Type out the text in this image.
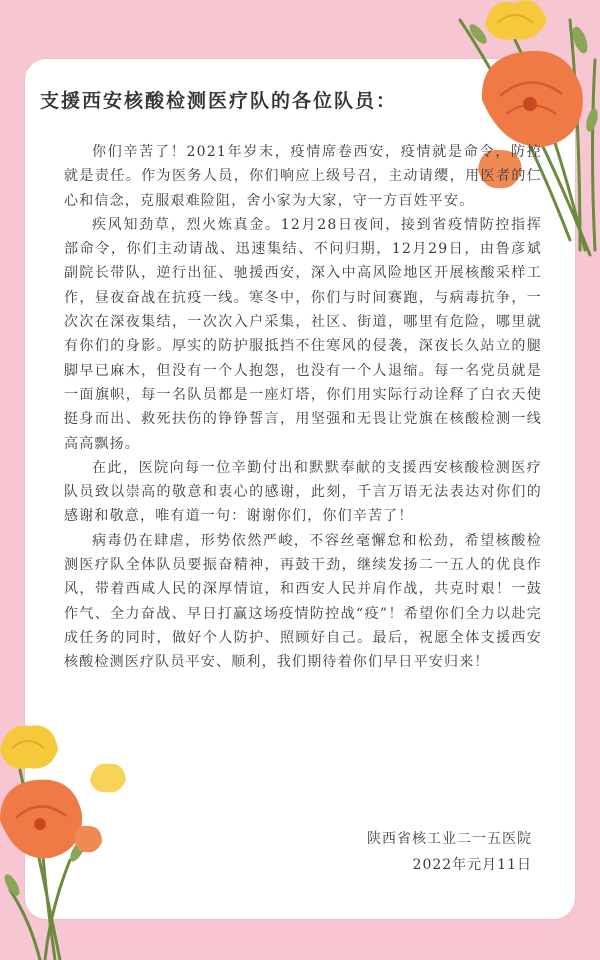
支援西安核酸检测医疗队的各位队员：

你们辛苦了！2021年岁末，疫情席卷西安，疫情就是命令，防控就是责任。作为医务人员，你们响应上级号召，主动请缨，用医者的仁心和信念，克服艰难险阻，舍小家为大家，守一方百姓平安。

疾风知劲草，烈火炼真金。12月28日夜间，接到省疫情防控指挥部命令，你们主动请战、迅速集结、不问归期，12月29日，由鲁彦斌副院长带队，逆行出征、驰援西安，深入中高风险地区开展核酸采样工作，昼夜奋战在抗疫一线。寒冬中，你们与时间赛跑，与病毒抗争，一次次在深夜集结，一次次入户采集，社区、街道，哪里有危险，哪里就有你们的身影。厚实的防护服抵挡不住寒风的侵袭，深夜长久站立的腿脚早已麻木，但没有一个人抱怨，也没有一个人退缩。每一名党员就是一面旗帜，每一名队员都是一座灯塔，你们用实际行动诠释了白衣天使挺身而出、救死扶伤的铮铮誓言，用坚强和无畏让党旗在核酸检测一线高高飘扬。

在此，医院向每一位辛勤付出和默默奉献的支援西安核酸检测医疗队员致以崇高的敬意和衷心的感谢，此刻，千言万语无法表达对你们的感谢和敬意，唯有道一句：谢谢你们，你们辛苦了！

病毒仍在肆虐，形势依然严峻，不容丝毫懈怠和松劲，希望核酸检测医疗队全体队员要振奋精神，再鼓干劲，继续发扬二一五人的优良作风，带着西咸人民的深厚情谊，和西安人民并肩作战，共克时艰！一鼓作气、全力奋战、早日打赢这场疫情防控战“疫”！希望你们全力以赴完成任务的同时，做好个人防护、照顾好自己。最后，祝愿全体支援西安核酸检测医疗队员平安、顺利，我们期待着你们早日平安归来！

陕西省核工业二一五医院
2022年元月11日
